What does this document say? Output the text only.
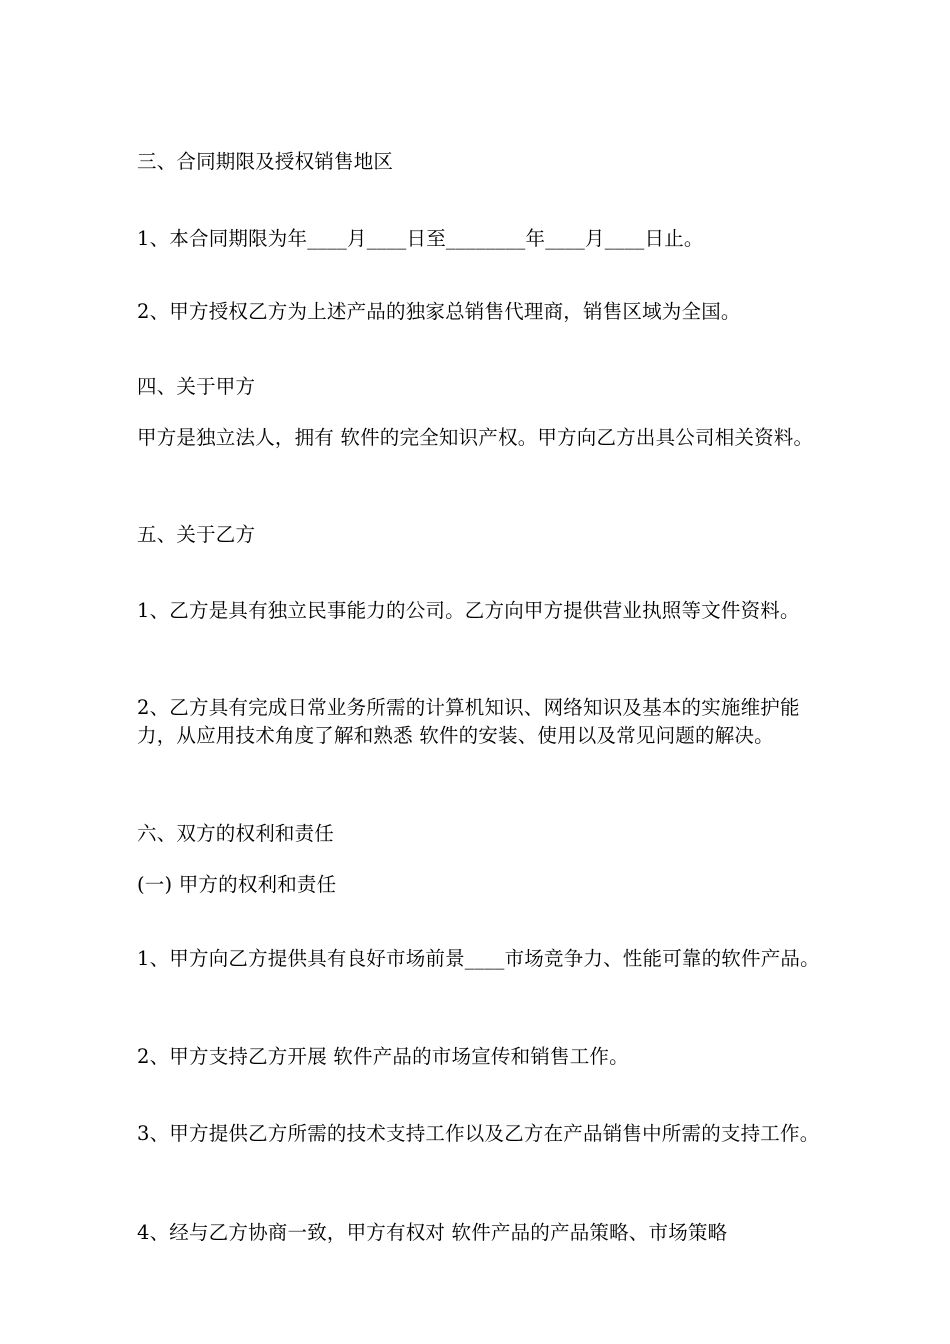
三、合同期限及授权销售地区
1、本合同期限为年____月____日至________年____月____日止。
2、甲方授权乙方为上述产品的独家总销售代理商，销售区域为全国。
四、关于甲方
甲方是独立法人，拥有 软件的完全知识产权。甲方向乙方出具公司相关资料。
五、关于乙方
1、乙方是具有独立民事能力的公司。乙方向甲方提供营业执照等文件资料。
2、乙方具有完成日常业务所需的计算机知识、网络知识及基本的实施维护能力，从应用技术角度了解和熟悉 软件的安装、使用以及常见问题的解决。
六、双方的权利和责任
(一) 甲方的权利和责任
1、甲方向乙方提供具有良好市场前景____市场竞争力、性能可靠的软件产品。
2、甲方支持乙方开展 软件产品的市场宣传和销售工作。
3、甲方提供乙方所需的技术支持工作以及乙方在产品销售中所需的支持工作。
4、经与乙方协商一致，甲方有权对 软件产品的产品策略、市场策略
